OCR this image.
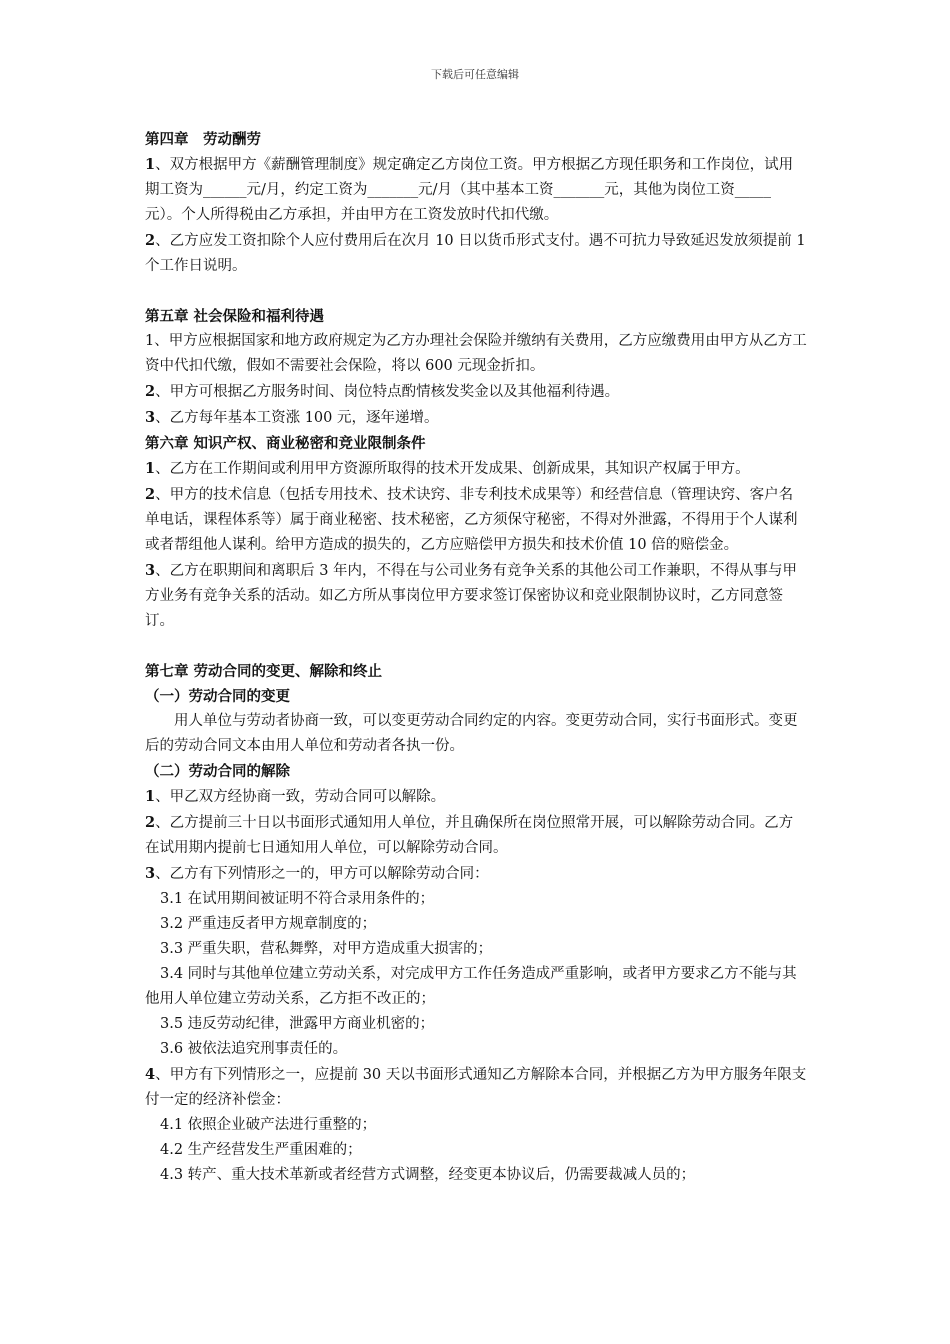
下载后可任意编辑

第四章　劳动酬劳

1、双方根据甲方《薪酬管理制度》规定确定乙方岗位工资。甲方根据乙方现任职务和工作岗位，试用期工资为______元/月，约定工资为_______元/月（其中基本工资_______元，其他为岗位工资_____元）。个人所得税由乙方承担，并由甲方在工资发放时代扣代缴。

2、乙方应发工资扣除个人应付费用后在次月 10 日以货币形式支付。遇不可抗力导致延迟发放须提前 1 个工作日说明。

第五章 社会保险和福利待遇

1、甲方应根据国家和地方政府规定为乙方办理社会保险并缴纳有关费用，乙方应缴费用由甲方从乙方工资中代扣代缴，假如不需要社会保险，将以 600 元现金折扣。

2、甲方可根据乙方服务时间、岗位特点酌情核发奖金以及其他福利待遇。

3、乙方每年基本工资涨 100 元，逐年递增。

第六章 知识产权、商业秘密和竞业限制条件

1、乙方在工作期间或利用甲方资源所取得的技术开发成果、创新成果，其知识产权属于甲方。

2、甲方的技术信息（包括专用技术、技术诀窍、非专利技术成果等）和经营信息（管理诀窍、客户名单电话，课程体系等）属于商业秘密、技术秘密，乙方须保守秘密，不得对外泄露，不得用于个人谋利或者帮组他人谋利。给甲方造成的损失的，乙方应赔偿甲方损失和技术价值 10 倍的赔偿金。

3、乙方在职期间和离职后 3 年内，不得在与公司业务有竞争关系的其他公司工作兼职，不得从事与甲方业务有竞争关系的活动。如乙方所从事岗位甲方要求签订保密协议和竞业限制协议时，乙方同意签订。

第七章 劳动合同的变更、解除和终止

（一）劳动合同的变更

用人单位与劳动者协商一致，可以变更劳动合同约定的内容。变更劳动合同，实行书面形式。变更后的劳动合同文本由用人单位和劳动者各执一份。

（二）劳动合同的解除

1、甲乙双方经协商一致，劳动合同可以解除。

2、乙方提前三十日以书面形式通知用人单位，并且确保所在岗位照常开展，可以解除劳动合同。乙方在试用期内提前七日通知用人单位，可以解除劳动合同。

3、乙方有下列情形之一的，甲方可以解除劳动合同：

3.1 在试用期间被证明不符合录用条件的；

3.2 严重违反者甲方规章制度的；

3.3 严重失职，营私舞弊，对甲方造成重大损害的；

3.4 同时与其他单位建立劳动关系，对完成甲方工作任务造成严重影响，或者甲方要求乙方不能与其他用人单位建立劳动关系，乙方拒不改正的；

3.5 违反劳动纪律，泄露甲方商业机密的；

3.6 被依法追究刑事责任的。

4、甲方有下列情形之一，应提前 30 天以书面形式通知乙方解除本合同，并根据乙方为甲方服务年限支付一定的经济补偿金：

4.1 依照企业破产法进行重整的；

4.2 生产经营发生严重困难的；

4.3 转产、重大技术革新或者经营方式调整，经变更本协议后，仍需要裁减人员的；
